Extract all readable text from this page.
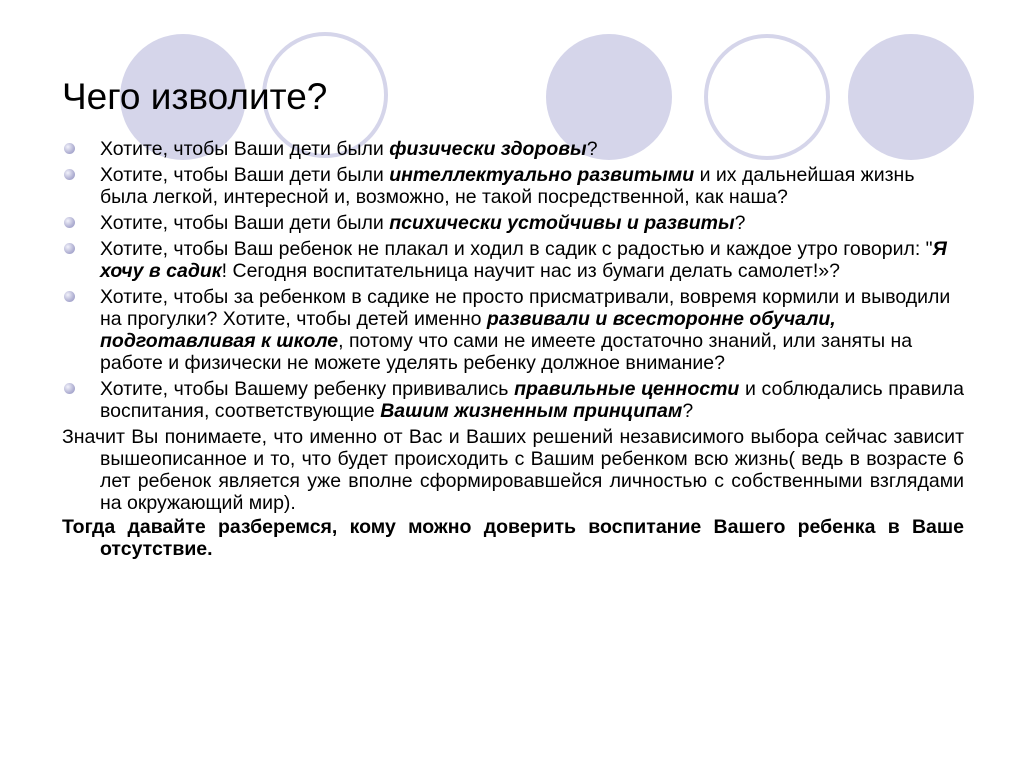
Чего изволите?
Хотите, чтобы Ваши дети были физически здоровы?
Хотите, чтобы Ваши дети были интеллектуально развитыми и их дальнейшая жизнь была легкой, интересной и, возможно, не такой посредственной, как наша?
Хотите, чтобы Ваши дети были психически устойчивы и развиты?
Хотите, чтобы Ваш ребенок не плакал и ходил в садик с радостью и каждое утро говорил: "Я хочу в садик! Сегодня воспитательница научит нас из бумаги делать самолет!»?
Хотите, чтобы за ребенком в садике не просто присматривали, вовремя кормили и выводили на прогулки? Хотите, чтобы детей именно развивали и всесторонне обучали, подготавливая к школе, потому что сами не имеете достаточно знаний, или заняты на работе и физически не можете уделять ребенку должное внимание?
Хотите, чтобы Вашему ребенку прививались правильные ценности и соблюдались правила воспитания, соответствующие Вашим жизненным принципам?
Значит Вы понимаете, что именно от Вас и Ваших решений независимого выбора сейчас зависит вышеописанное и то, что будет происходить с Вашим ребенком всю жизнь( ведь в возрасте 6 лет ребенок является уже вполне сформировавшейся личностью с собственными взглядами на окружающий мир).
Тогда давайте разберемся, кому можно доверить воспитание Вашего ребенка в Ваше отсутствие.
